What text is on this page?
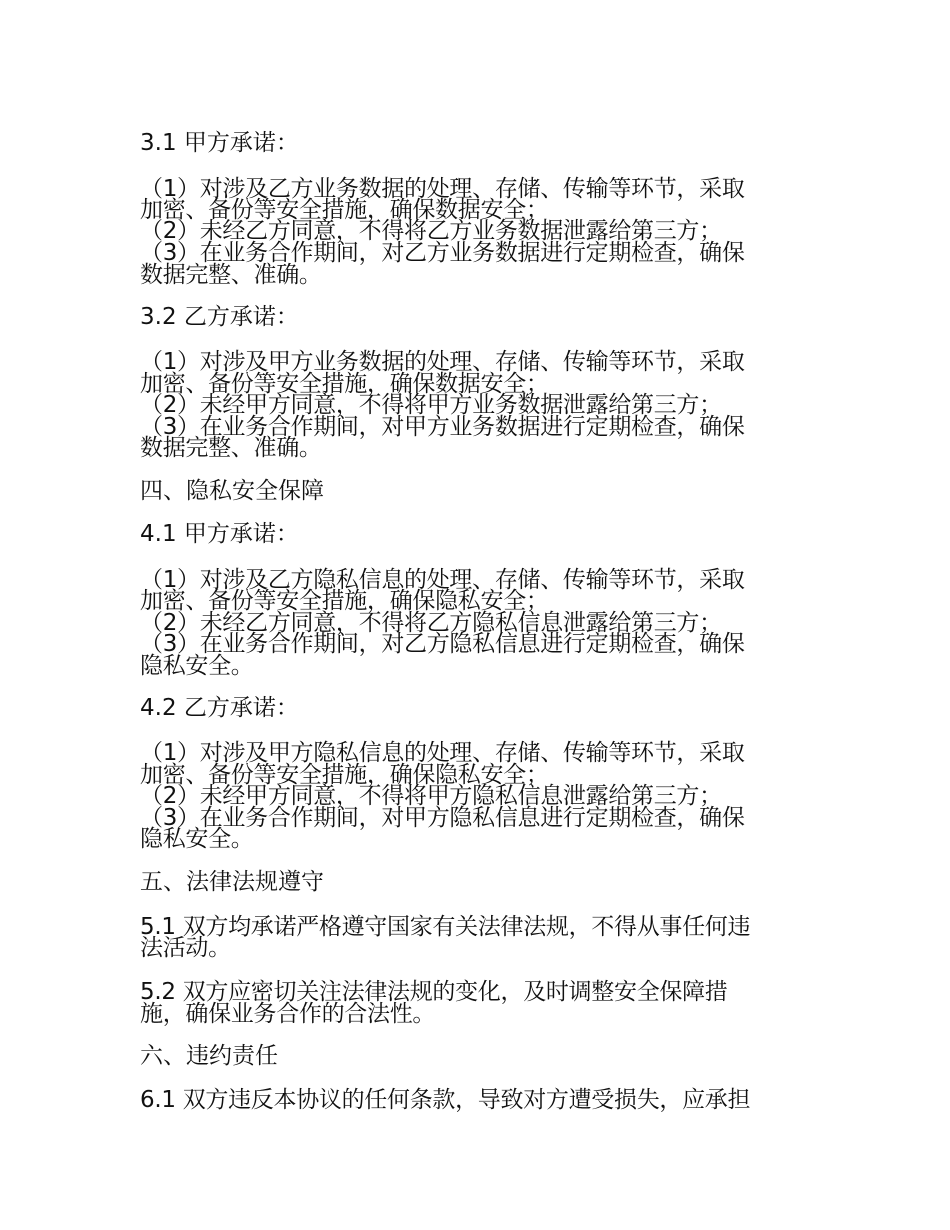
3.1 甲方承诺：
（1）对涉及乙方业务数据的处理、存储、传输等环节，采取
加密、备份等安全措施，确保数据安全；
（2）未经乙方同意，不得将乙方业务数据泄露给第三方；
（3）在业务合作期间，对乙方业务数据进行定期检查，确保
数据完整、准确。
3.2 乙方承诺：
（1）对涉及甲方业务数据的处理、存储、传输等环节，采取
加密、备份等安全措施，确保数据安全；
（2）未经甲方同意，不得将甲方业务数据泄露给第三方；
（3）在业务合作期间，对甲方业务数据进行定期检查，确保
数据完整、准确。
四、隐私安全保障
4.1 甲方承诺：
（1）对涉及乙方隐私信息的处理、存储、传输等环节，采取
加密、备份等安全措施，确保隐私安全；
（2）未经乙方同意，不得将乙方隐私信息泄露给第三方；
（3）在业务合作期间，对乙方隐私信息进行定期检查，确保
隐私安全。
4.2 乙方承诺：
（1）对涉及甲方隐私信息的处理、存储、传输等环节，采取
加密、备份等安全措施，确保隐私安全；
（2）未经甲方同意，不得将甲方隐私信息泄露给第三方；
（3）在业务合作期间，对甲方隐私信息进行定期检查，确保
隐私安全。
五、法律法规遵守
5.1 双方均承诺严格遵守国家有关法律法规，不得从事任何违
法活动。
5.2 双方应密切关注法律法规的变化，及时调整安全保障措
施，确保业务合作的合法性。
六、违约责任
6.1 双方违反本协议的任何条款，导致对方遭受损失，应承担
